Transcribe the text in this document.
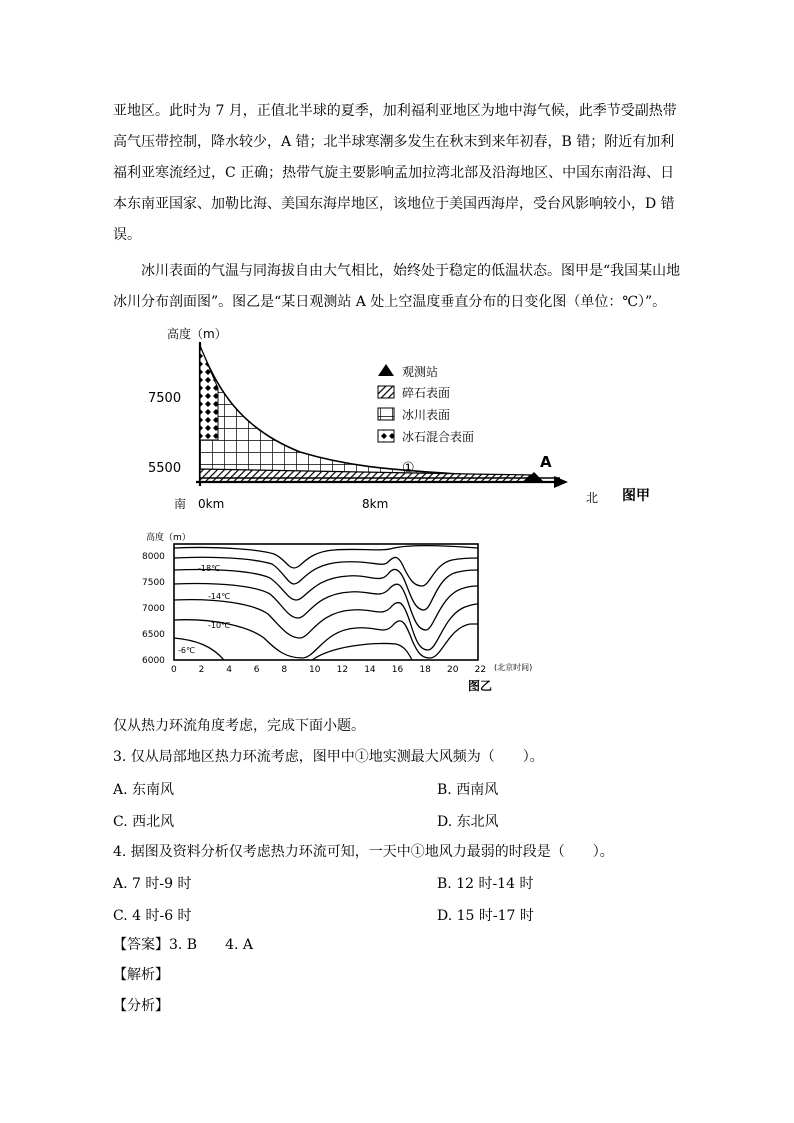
亚地区。此时为 7 月，正值北半球的夏季，加利福利亚地区为地中海气候，此季节受副热带高气压带控制，降水较少，A 错；北半球寒潮多发生在秋末到来年初春，B 错；附近有加利福利亚寒流经过，C 正确；热带气旋主要影响孟加拉湾北部及沿海地区、中国东南沿海、日本东南亚国家、加勒比海、美国东海岸地区，该地位于美国西海岸，受台风影响较小，D 错误。

冰川表面的气温与同海拔自由大气相比，始终处于稳定的低温状态。图甲是“我国某山地冰川分布剖面图”。图乙是“某日观测站 A 处上空温度垂直分布的日变化图（单位：℃）”。

高度（m）
A
①
7500
5500
南 0km	8km	北 图甲
观测站
碎石表面
冰川表面
冰石混合表面
高度（m）
8000
7500
7000
6500
6000
0 2 4 6 8 10 12 14 16 18 20 22 (北京时间)
-18℃
-14℃
-10℃
-6℃
图乙
仅从热力环流角度考虑，完成下面小题。
3. 仅从局部地区热力环流考虑，图甲中①地实测最大风频为（　　）。
A. 东南风	B. 西南风
C. 西北风	D. 东北风
4. 据图及资料分析仅考虑热力环流可知，一天中①地风力最弱的时段是（　　）。
A. 7 时-9 时	B. 12 时-14 时
C. 4 时-6 时	D. 15 时-17 时
【答案】3. B　　4. A
【解析】
【分析】
